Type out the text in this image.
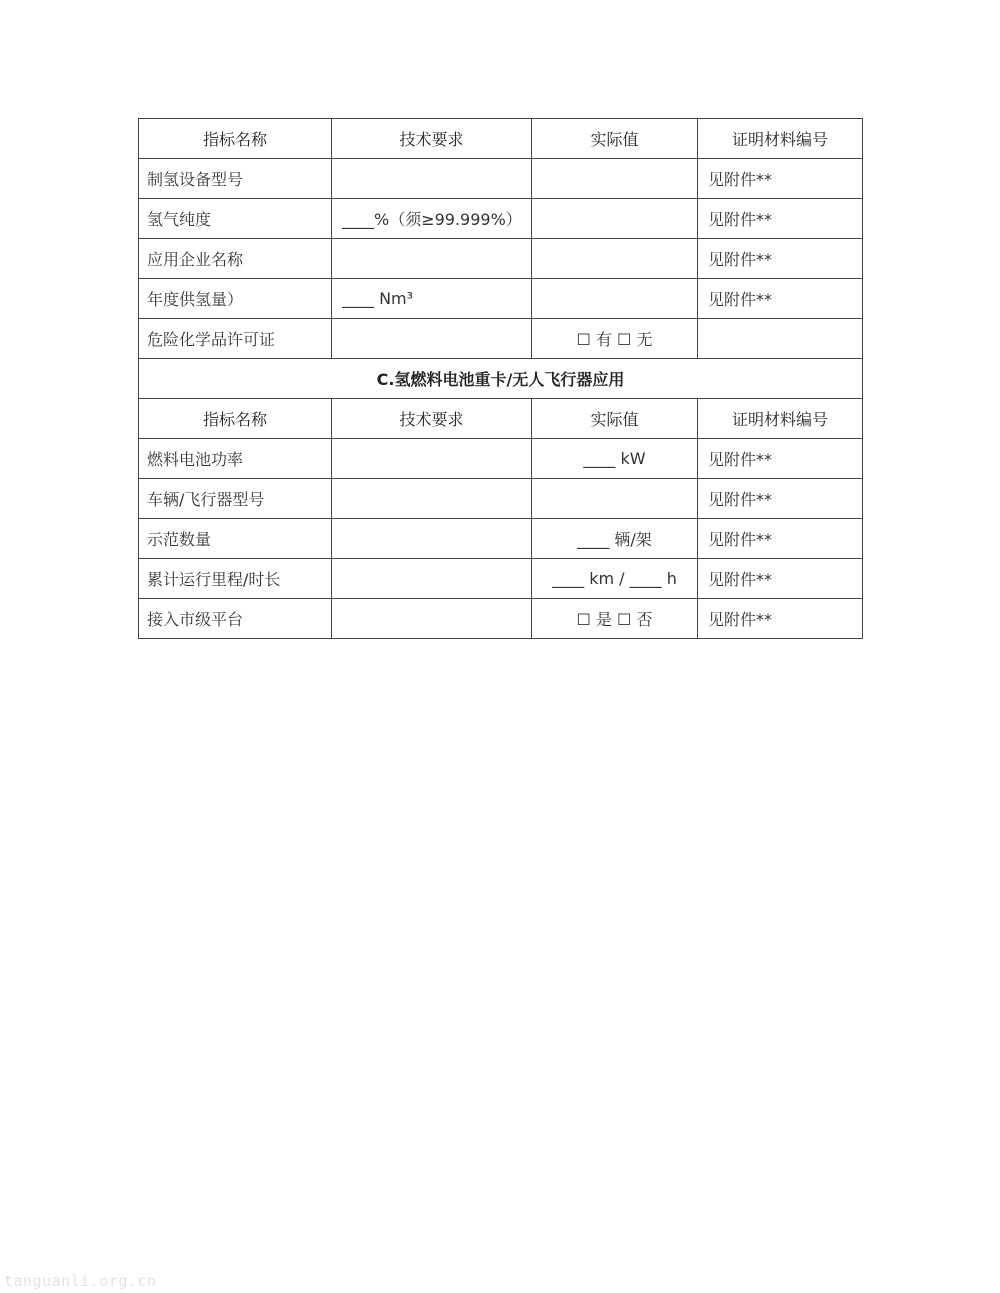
指标名称	技术要求	实际值	证明材料编号
制氢设备型号			见附件**
氢气纯度	____%（须≥99.999%）		见附件**
应用企业名称			见附件**
年度供氢量）	____ Nm³		见附件**
危险化学品许可证		☐ 有 ☐ 无	
C.氢燃料电池重卡/无人飞行器应用			
指标名称	技术要求	实际值	证明材料编号
燃料电池功率		____ kW	见附件**
车辆/飞行器型号			见附件**
示范数量		____ 辆/架	见附件**
累计运行里程/时长		____ km / ____ h	见附件**
接入市级平台		☐ 是 ☐ 否	见附件**
tanguanli.org.cn
